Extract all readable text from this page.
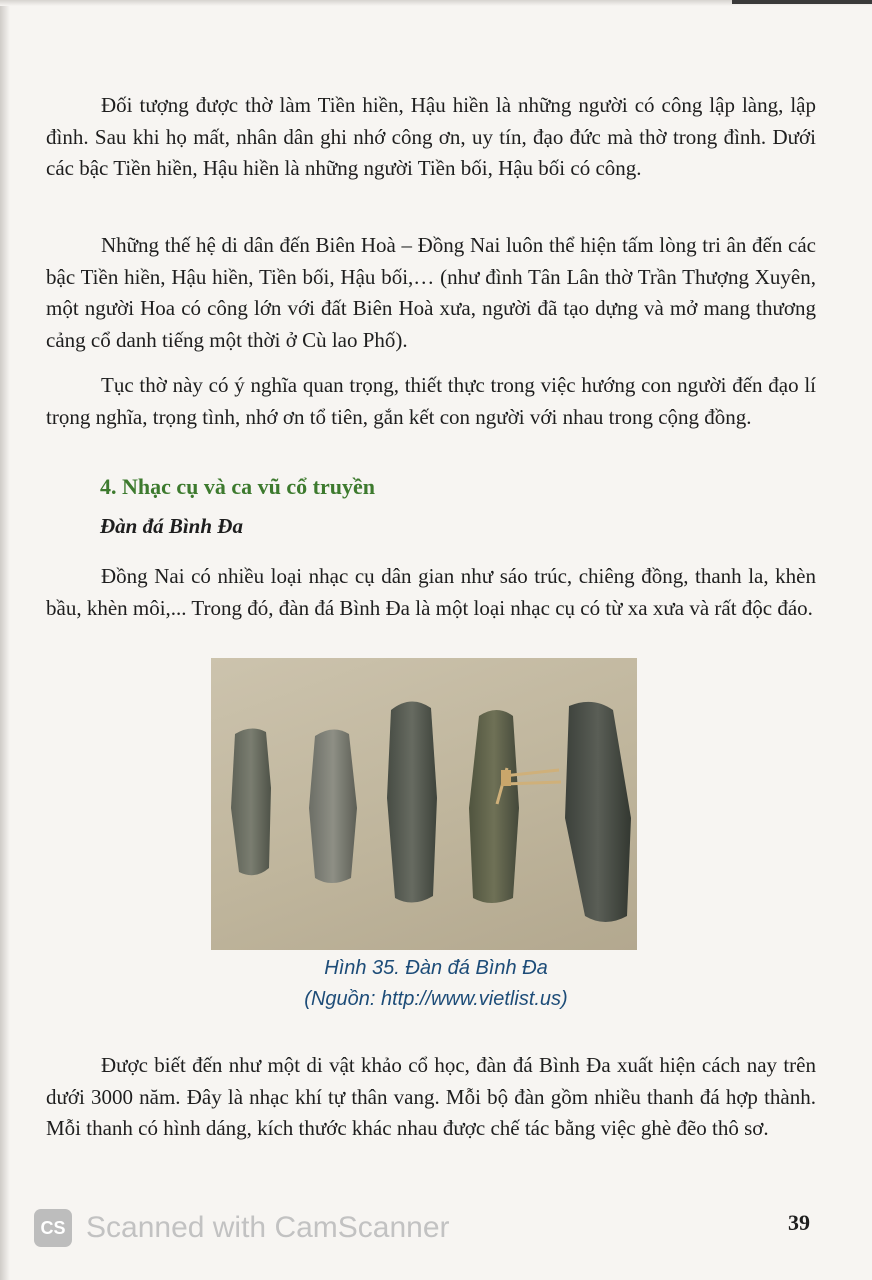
Đối tượng được thờ làm Tiền hiền, Hậu hiền là những người có công lập làng, lập đình. Sau khi họ mất, nhân dân ghi nhớ công ơn, uy tín, đạo đức mà thờ trong đình. Dưới các bậc Tiền hiền, Hậu hiền là những người Tiền bối, Hậu bối có công.

Những thế hệ di dân đến Biên Hoà – Đồng Nai luôn thể hiện tấm lòng tri ân đến các bậc Tiền hiền, Hậu hiền, Tiền bối, Hậu bối,… (như đình Tân Lân thờ Trần Thượng Xuyên, một người Hoa có công lớn với đất Biên Hoà xưa, người đã tạo dựng và mở mang thương cảng cổ danh tiếng một thời ở Cù lao Phố).

Tục thờ này có ý nghĩa quan trọng, thiết thực trong việc hướng con người đến đạo lí trọng nghĩa, trọng tình, nhớ ơn tổ tiên, gắn kết con người với nhau trong cộng đồng.

4. Nhạc cụ và ca vũ cổ truyền
Đàn đá Bình Đa

Đồng Nai có nhiều loại nhạc cụ dân gian như sáo trúc, chiêng đồng, thanh la, khèn bầu, khèn môi,... Trong đó, đàn đá Bình Đa là một loại nhạc cụ có từ xa xưa và rất độc đáo.

Hình 35. Đàn đá Bình Đa
(Nguồn: http://www.vietlist.us)

Được biết đến như một di vật khảo cổ học, đàn đá Bình Đa xuất hiện cách nay trên dưới 3000 năm. Đây là nhạc khí tự thân vang. Mỗi bộ đàn gồm nhiều thanh đá hợp thành. Mỗi thanh có hình dáng, kích thước khác nhau được chế tác bằng việc ghè đẽo thô sơ.

CS Scanned with CamScanner	39
